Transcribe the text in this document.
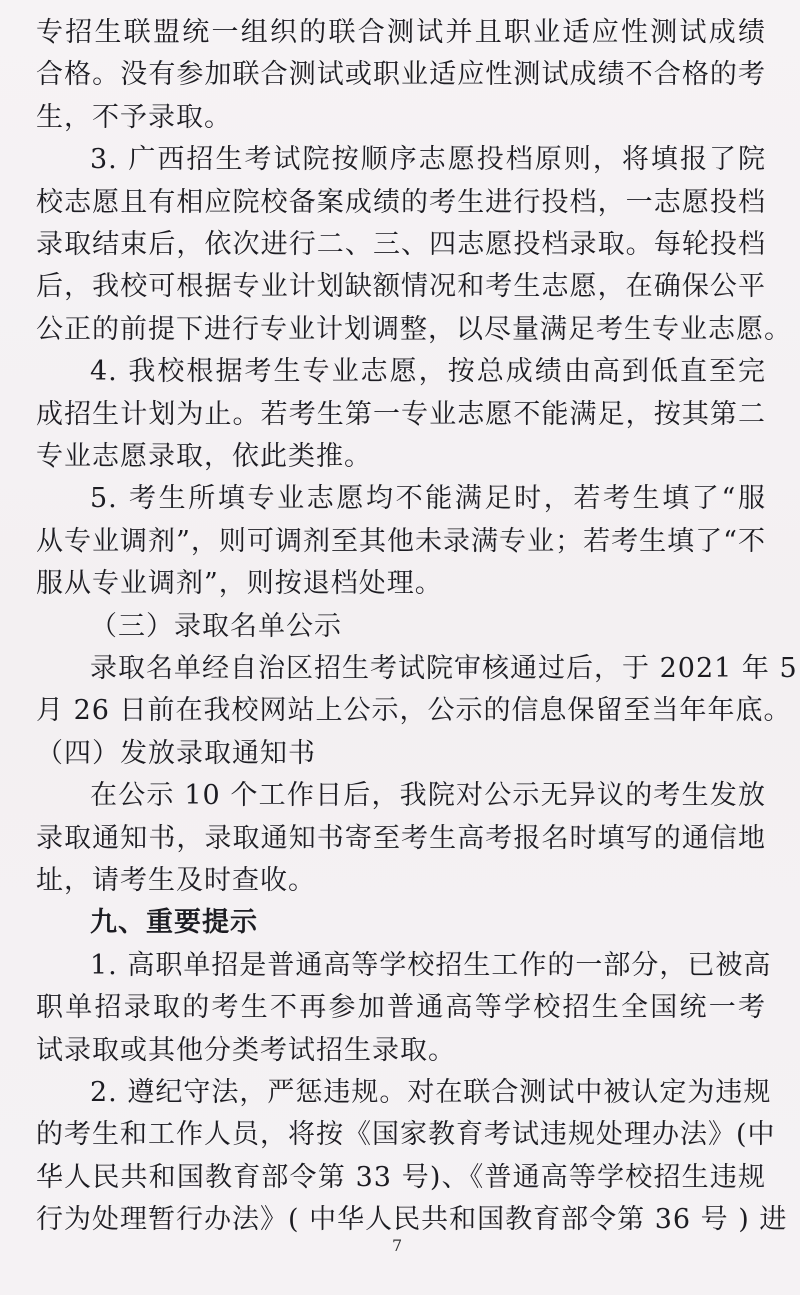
专招生联盟统一组织的联合测试并且职业适应性测试成绩
合格。没有参加联合测试或职业适应性测试成绩不合格的考
生，不予录取。
3. 广西招生考试院按顺序志愿投档原则，将填报了院
校志愿且有相应院校备案成绩的考生进行投档，一志愿投档
录取结束后，依次进行二、三、四志愿投档录取。每轮投档
后，我校可根据专业计划缺额情况和考生志愿，在确保公平
公正的前提下进行专业计划调整，以尽量满足考生专业志愿。
4. 我校根据考生专业志愿，按总成绩由高到低直至完
成招生计划为止。若考生第一专业志愿不能满足，按其第二
专业志愿录取，依此类推。
5. 考生所填专业志愿均不能满足时，若考生填了“服
从专业调剂”，则可调剂至其他未录满专业；若考生填了“不
服从专业调剂”，则按退档处理。
（三）录取名单公示
录取名单经自治区招生考试院审核通过后，于 2021 年 5
月 26 日前在我校网站上公示，公示的信息保留至当年年底。
（四）发放录取通知书
在公示 10 个工作日后，我院对公示无异议的考生发放
录取通知书，录取通知书寄至考生高考报名时填写的通信地
址，请考生及时查收。
九、重要提示
1. 高职单招是普通高等学校招生工作的一部分，已被高
职单招录取的考生不再参加普通高等学校招生全国统一考
试录取或其他分类考试招生录取。
2. 遵纪守法，严惩违规。对在联合测试中被认定为违规
的考生和工作人员，将按《国家教育考试违规处理办法》(中
华人民共和国教育部令第 33 号)、《普通高等学校招生违规
行为处理暂行办法》( 中华人民共和国教育部令第 36 号 ) 进
7
